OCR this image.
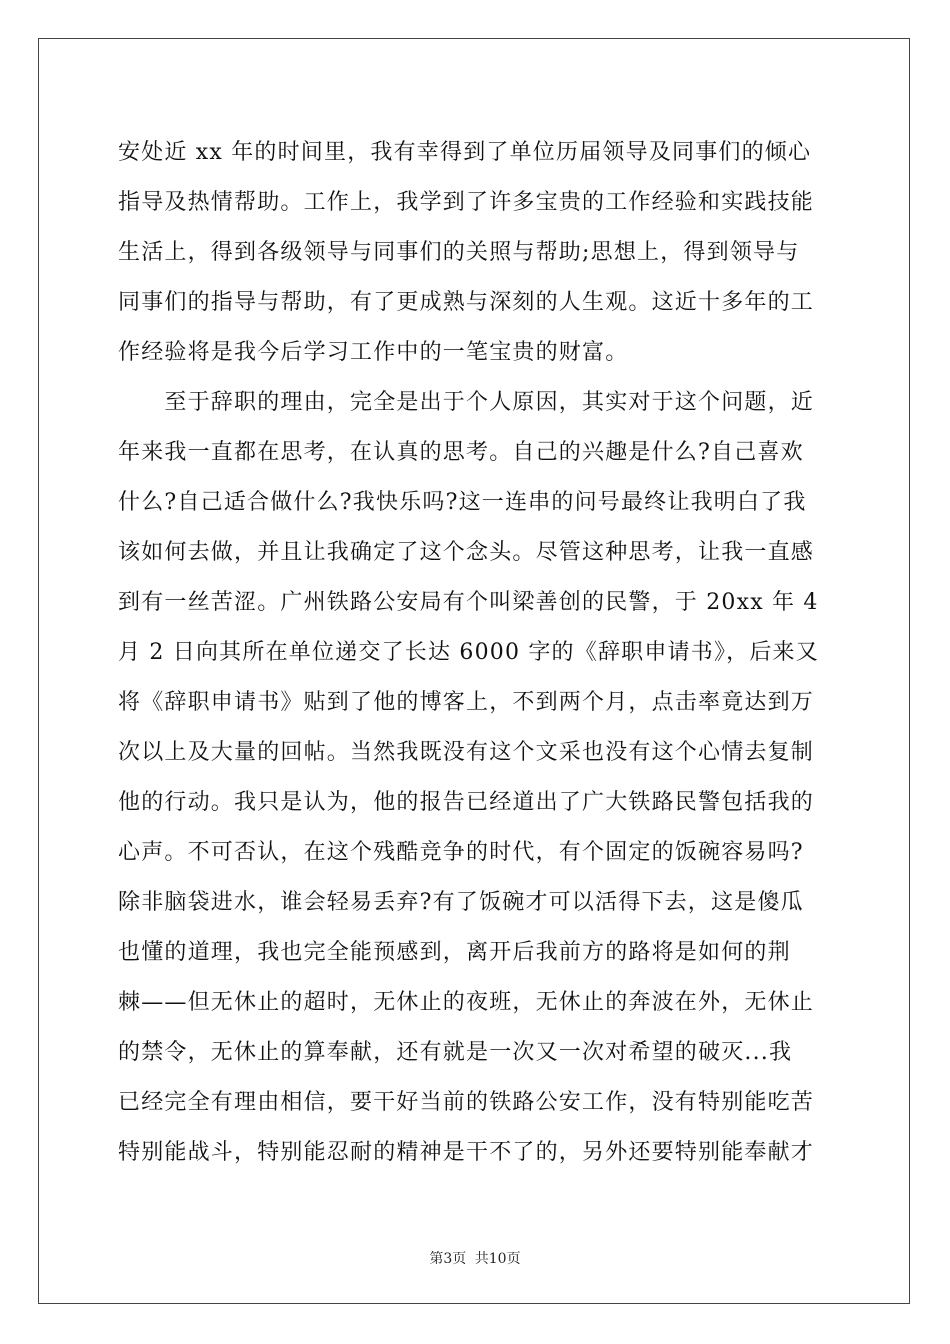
安处近 xx 年的时间里，我有幸得到了单位历届领导及同事们的倾心
指导及热情帮助。工作上，我学到了许多宝贵的工作经验和实践技能
生活上，得到各级领导与同事们的关照与帮助;思想上，得到领导与
同事们的指导与帮助，有了更成熟与深刻的人生观。这近十多年的工
作经验将是我今后学习工作中的一笔宝贵的财富。
　　至于辞职的理由，完全是出于个人原因，其实对于这个问题，近
年来我一直都在思考，在认真的思考。自己的兴趣是什么?自己喜欢
什么?自己适合做什么?我快乐吗?这一连串的问号最终让我明白了我
该如何去做，并且让我确定了这个念头。尽管这种思考，让我一直感
到有一丝苦涩。广州铁路公安局有个叫梁善创的民警，于 20xx 年 4
月 2 日向其所在单位递交了长达 6000 字的《辞职申请书》，后来又
将《辞职申请书》贴到了他的博客上，不到两个月，点击率竟达到万
次以上及大量的回帖。当然我既没有这个文采也没有这个心情去复制
他的行动。我只是认为，他的报告已经道出了广大铁路民警包括我的
心声。不可否认，在这个残酷竞争的时代，有个固定的饭碗容易吗?
除非脑袋进水，谁会轻易丢弃?有了饭碗才可以活得下去，这是傻瓜
也懂的道理，我也完全能预感到，离开后我前方的路将是如何的荆
棘——但无休止的超时，无休止的夜班，无休止的奔波在外，无休止
的禁令，无休止的算奉献，还有就是一次又一次对希望的破灭...我
已经完全有理由相信，要干好当前的铁路公安工作，没有特别能吃苦
特别能战斗，特别能忍耐的精神是干不了的，另外还要特别能奉献才
第3页 共10页
